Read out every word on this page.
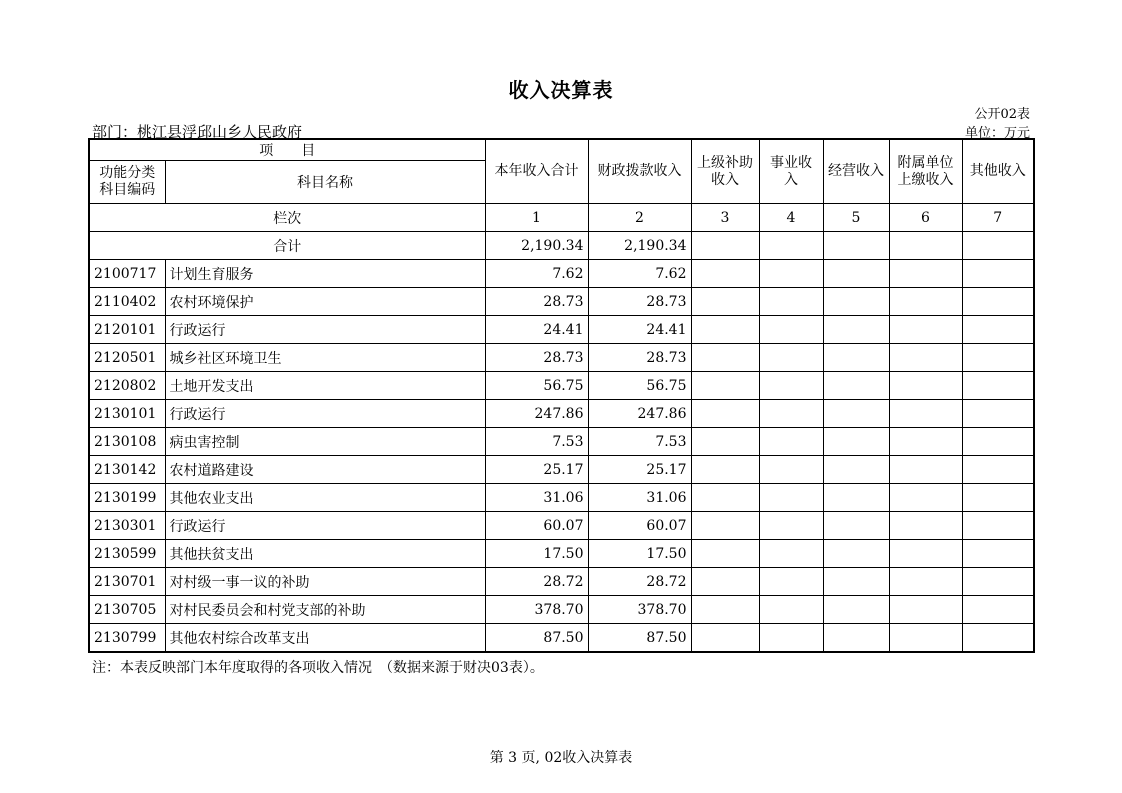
收入决算表
公开02表
部门：桃江县浮邱山乡人民政府	单位：万元
项　　目		本年收入合计	财政拨款收入	上级补助 收入	事业收入	经营收入	附属单位 上缴收入	其他收入
功能分类 科目编码	科目名称							
栏次		1	2	3	4	5	6	7
合计		2,190.34	2,190.34					
2100717	计划生育服务	7.62	7.62					
2110402	农村环境保护	28.73	28.73					
2120101	行政运行	24.41	24.41					
2120501	城乡社区环境卫生	28.73	28.73					
2120802	土地开发支出	56.75	56.75					
2130101	行政运行	247.86	247.86					
2130108	病虫害控制	7.53	7.53					
2130142	农村道路建设	25.17	25.17					
2130199	其他农业支出	31.06	31.06					
2130301	行政运行	60.07	60.07					
2130599	其他扶贫支出	17.50	17.50					
2130701	对村级一事一议的补助	28.72	28.72					
2130705	对村民委员会和村党支部的补助	378.70	378.70					
2130799	其他农村综合改革支出	87.50	87.50					
注：本表反映部门本年度取得的各项收入情况　（数据来源于财决03表）。
第 3 页, 02收入决算表
